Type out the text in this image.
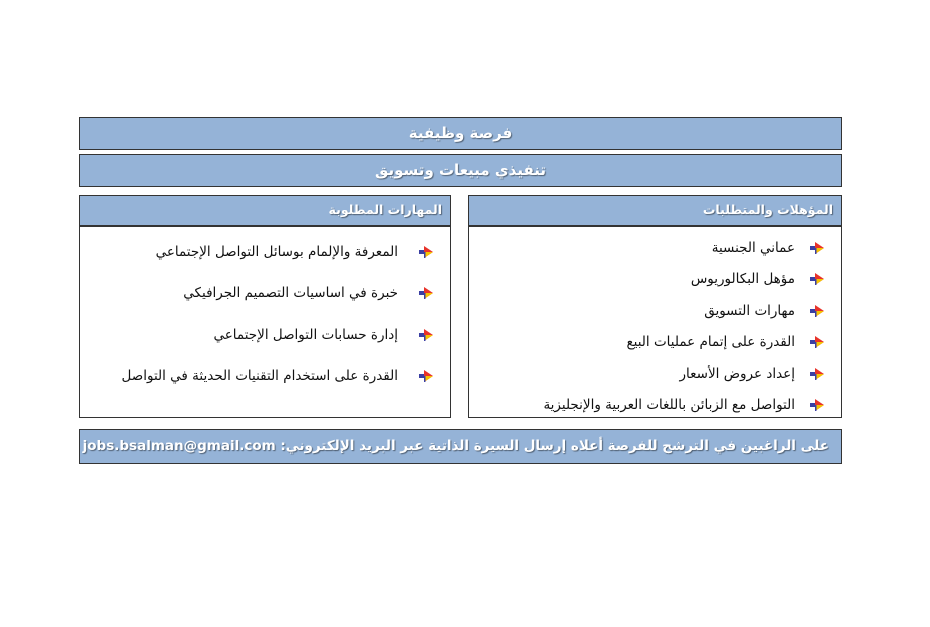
فرصة وظيفية
تنفيذي مبيعات وتسويق
المؤهلات والمتطلبات
عماني الجنسية
مؤهل البكالوريوس
مهارات التسويق
القدرة على إتمام عمليات البيع
إعداد عروض الأسعار
التواصل مع الزبائن باللغات العربية والإنجليزية
المهارات المطلوبة
المعرفة والإلمام بوسائل التواصل الإجتماعي
خبرة في اساسيات التصميم الجرافيكي
إدارة حسابات التواصل الإجتماعي
القدرة على استخدام التقنيات الحديثة في التواصل
على الراغبين في الترشح للفرصة أعلاه إرسال السيرة الذاتية عبر البريد الإلكتروني: jobs.bsalman@gmail.com
